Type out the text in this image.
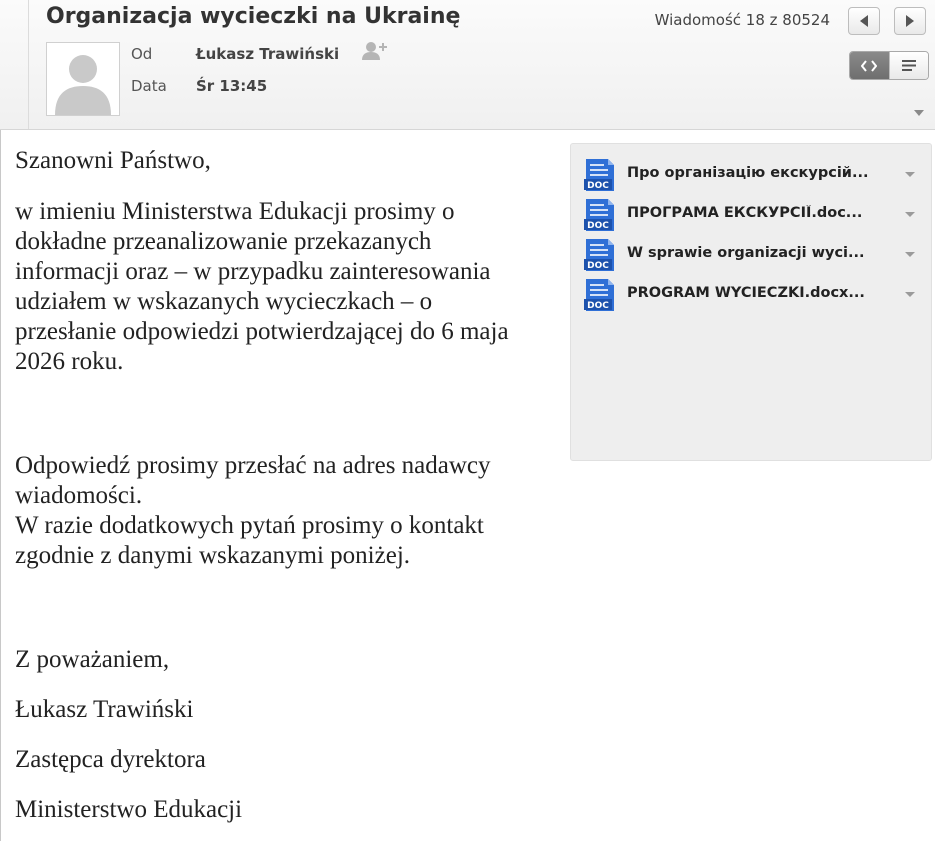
Organizacja wycieczki na Ukrainę
Od	Łukasz Trawiński
Data Śr 13:45
Wiadomość 18 z 80524

Szanowni Państwo,

w imieniu Ministerstwa Edukacji prosimy o

dokładne przeanalizowanie przekazanych

informacji oraz – w przypadku zainteresowania

udziałem w wskazanych wycieczkach – o

przesłanie odpowiedzi potwierdzającej do 6 maja

2026 roku.

Odpowiedź prosimy przesłać na adres nadawcy

wiadomości.

W razie dodatkowych pytań prosimy o kontakt

zgodnie z danymi wskazanymi poniżej.

Z poważaniem,
Łukasz Trawiński
Zastępca dyrektora
Ministerstwo Edukacji
DOC
Про організацію екскурсій...
DOC
ПРОГРАМА ЕКСКУРСІЇ.doc...
DOC
W sprawie organizacji wyci...
DOC
PROGRAM WYCIECZKI.docx...
